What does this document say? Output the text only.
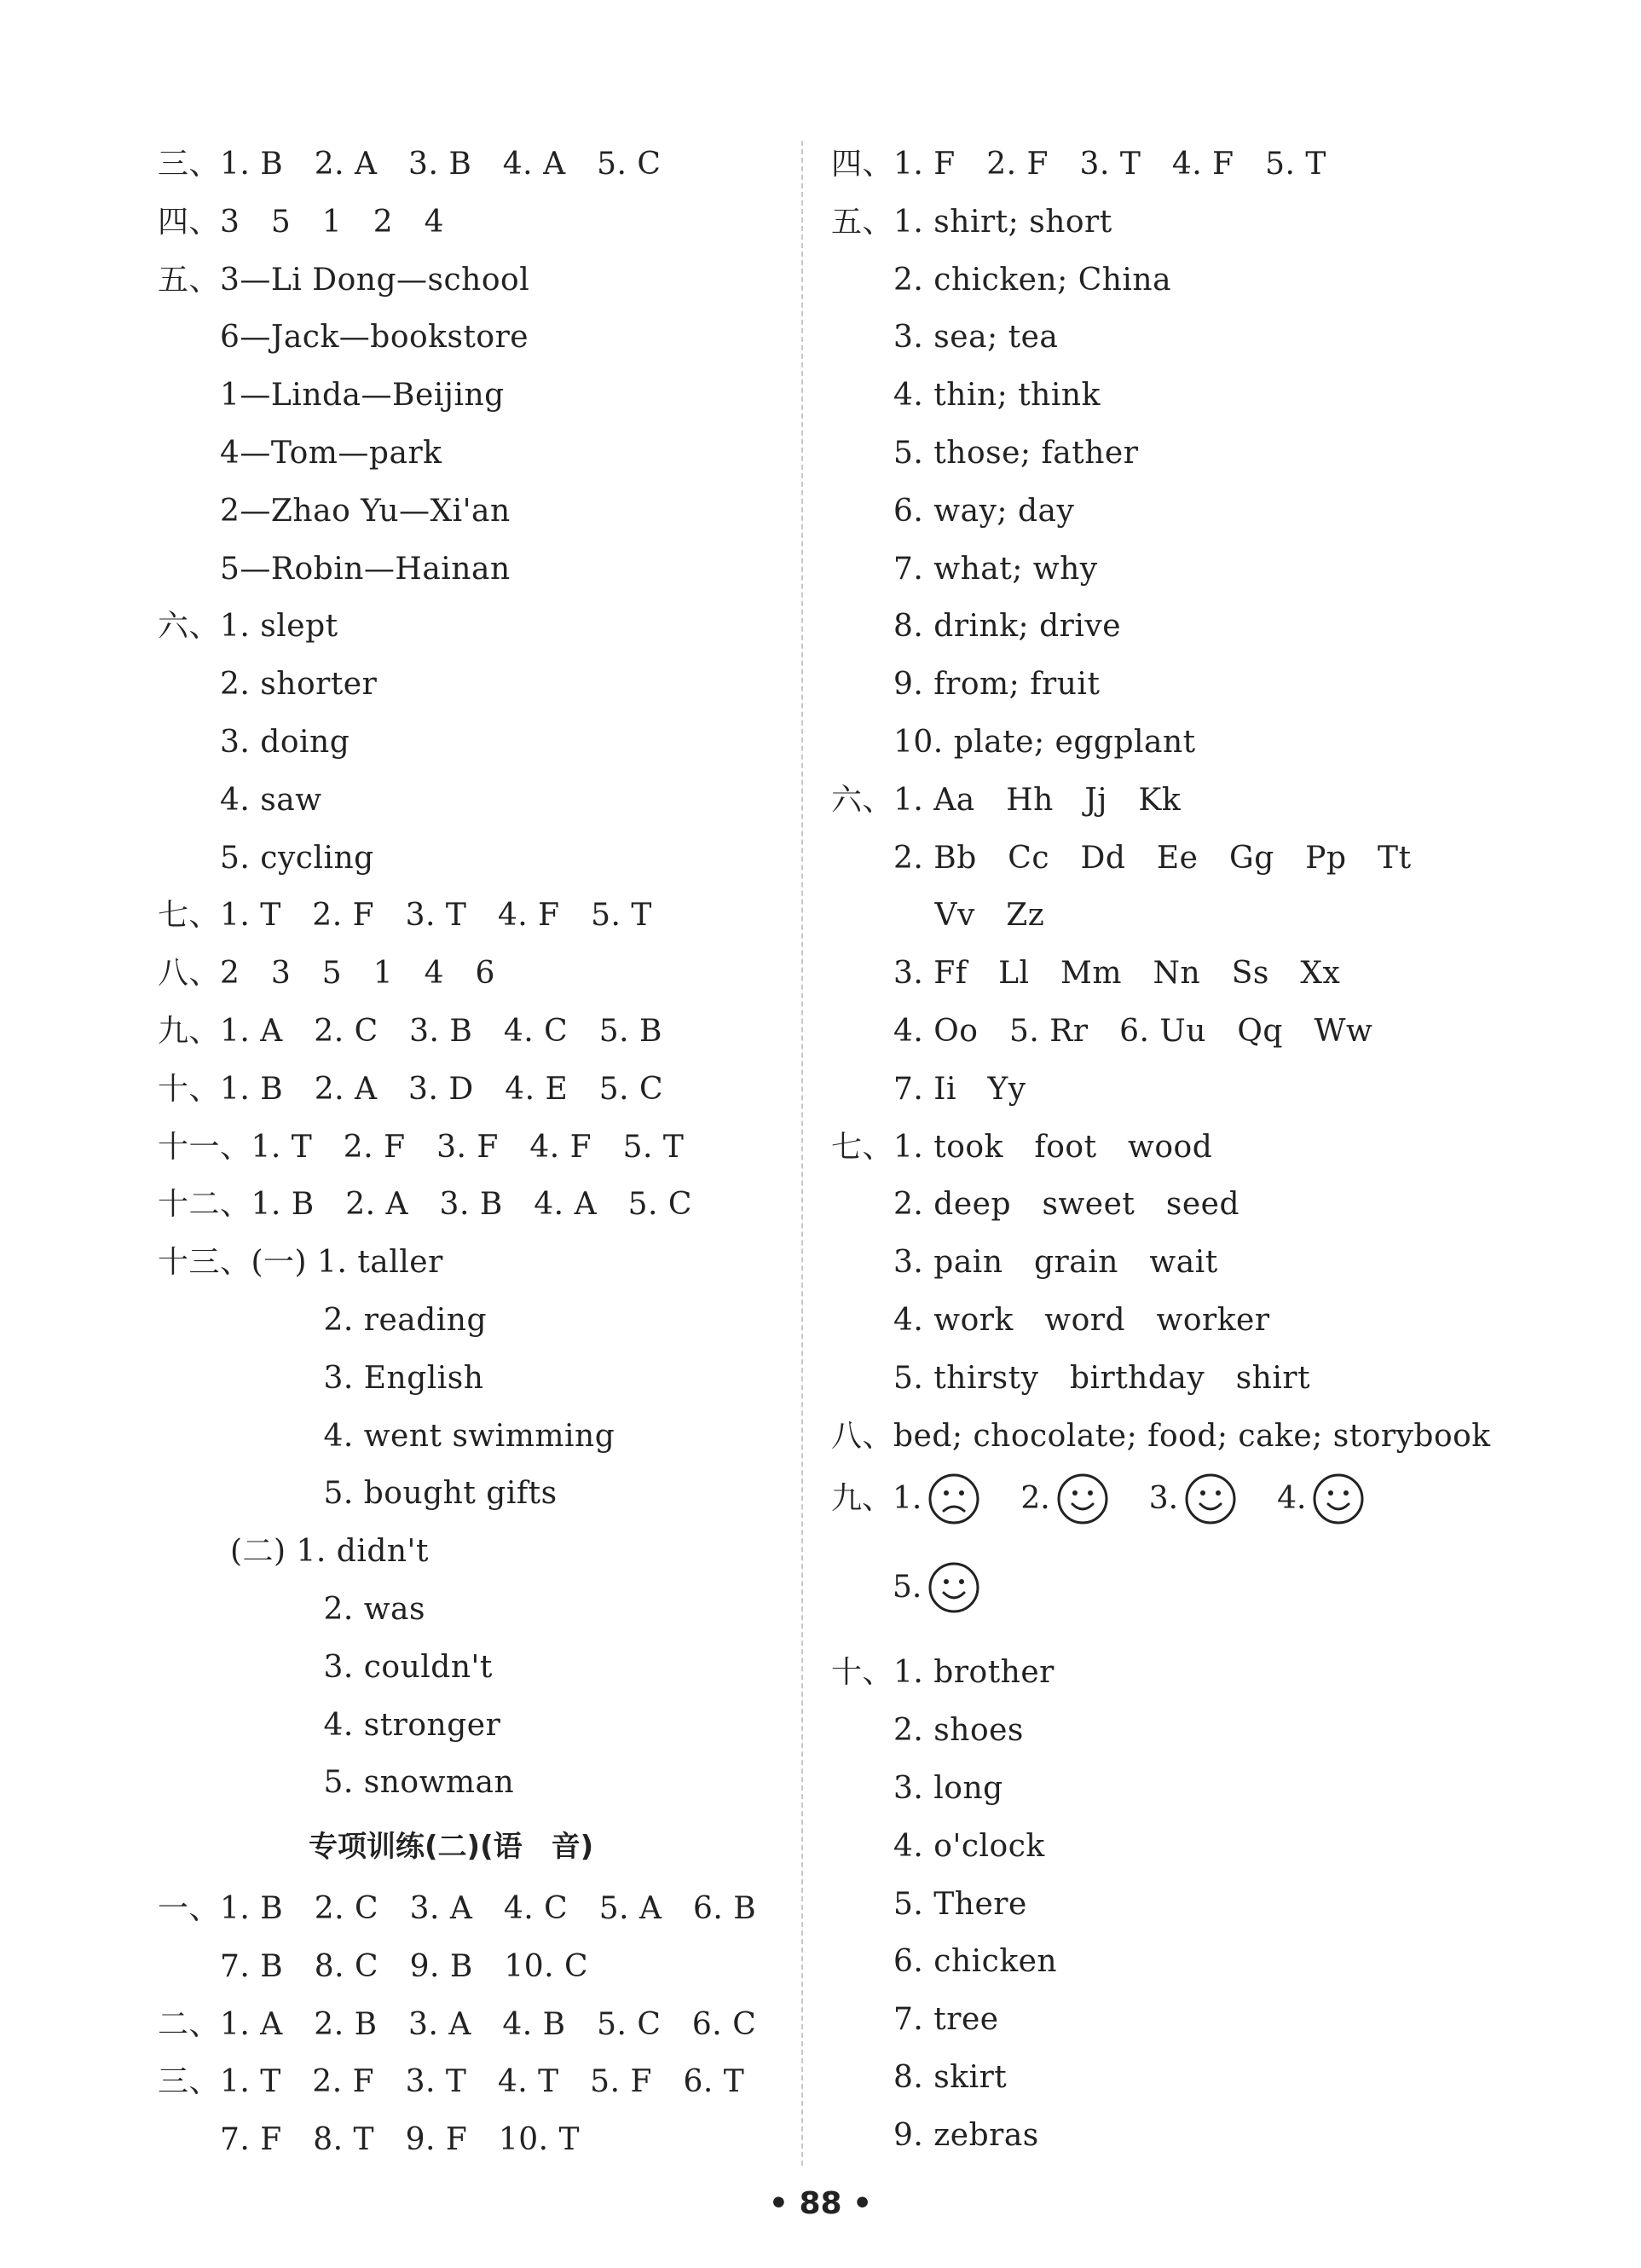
三、1. B　2. A　3. B　4. A　5. C
四、3　5　1　2　4
五、3—Li Dong—school
　　6—Jack—bookstore
　　1—Linda—Beijing
　　4—Tom—park
　　2—Zhao Yu—Xi'an
　　5—Robin—Hainan
六、1. slept
　　2. shorter
　　3. doing
　　4. saw
　　5. cycling
七、1. T　2. F　3. T　4. F　5. T
八、2　3　5　1　4　6
九、1. A　2. C　3. B　4. C　5. B
十、1. B　2. A　3. D　4. E　5. C
十一、1. T　2. F　3. F　4. F　5. T
十二、1. B　2. A　3. B　4. A　5. C
十三、(一) 1. taller
　　　　　 2. reading
　　　　　 3. English
　　　　　 4. went swimming
　　　　　 5. bought gifts
　　 (二) 1. didn't
　　　　　 2. was
　　　　　 3. couldn't
　　　　　 4. stronger
　　　　　 5. snowman
专项训练(二)(语　音)
一、1. B　2. C　3. A　4. C　5. A　6. B
　　7. B　8. C　9. B　10. C
二、1. A　2. B　3. A　4. B　5. C　6. C
三、1. T　2. F　3. T　4. T　5. F　6. T
　　7. F　8. T　9. F　10. T
四、1. F　2. F　3. T　4. F　5. T
五、1. shirt; short
　　2. chicken; China
　　3. sea; tea
　　4. thin; think
　　5. those; father
　　6. way; day
　　7. what; why
　　8. drink; drive
　　9. from; fruit
　　10. plate; eggplant
六、1. Aa　Hh　Jj　Kk
　　2. Bb　Cc　Dd　Ee　Gg　Pp　Tt
　　　 Vv　Zz
　　3. Ff　Ll　Mm　Nn　Ss　Xx
　　4. Oo　5. Rr　6. Uu　Qq　Ww
　　7. Ii　Yy
七、1. took　foot　wood
　　2. deep　sweet　seed
　　3. pain　grain　wait
　　4. work　word　worker
　　5. thirsty　birthday　shirt
八、bed; chocolate; food; cake; storybook
九、1.	2.	3.	4.
5.
十、1. brother
　　2. shoes
　　3. long
　　4. o'clock
　　5. There
　　6. chicken
　　7. tree
　　8. skirt
　　9. zebras
• 88 •
